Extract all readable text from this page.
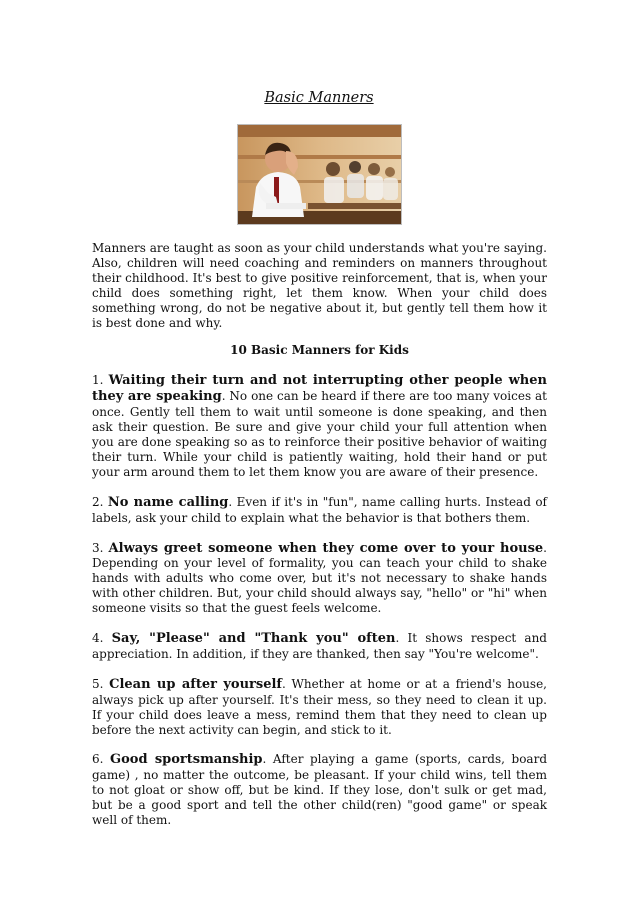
Basic Manners

Manners are taught as soon as your child understands what you're saying. Also, children will need coaching and reminders on manners throughout their childhood. It's best to give positive reinforcement, that is, when your child does something right, let them know. When your child does something wrong, do not be negative about it, but gently tell them how it is best done and why.

10 Basic Manners for Kids

1. Waiting their turn and not interrupting other people when they are speaking. No one can be heard if there are too many voices at once. Gently tell them to wait until someone is done speaking, and then ask their question. Be sure and give your child your full attention when you are done speaking so as to reinforce their positive behavior of waiting their turn. While your child is patiently waiting, hold their hand or put your arm around them to let them know you are aware of their presence.

2. No name calling. Even if it's in "fun", name calling hurts. Instead of labels, ask your child to explain what the behavior is that bothers them.

3. Always greet someone when they come over to your house. Depending on your level of formality, you can teach your child to shake hands with adults who come over, but it's not necessary to shake hands with other children. But, your child should always say, "hello" or "hi" when someone visits so that the guest feels welcome.

4. Say, "Please" and "Thank you" often. It shows respect and appreciation. In addition, if they are thanked, then say "You're welcome".

5. Clean up after yourself. Whether at home or at a friend's house, always pick up after yourself. It's their mess, so they need to clean it up. If your child does leave a mess, remind them that they need to clean up before the next activity can begin, and stick to it.

6. Good sportsmanship. After playing a game (sports, cards, board game) , no matter the outcome, be pleasant. If your child wins, tell them to not gloat or show off, but be kind. If they lose, don't sulk or get mad, but be a good sport and tell the other child(ren) "good game" or speak well of them.
